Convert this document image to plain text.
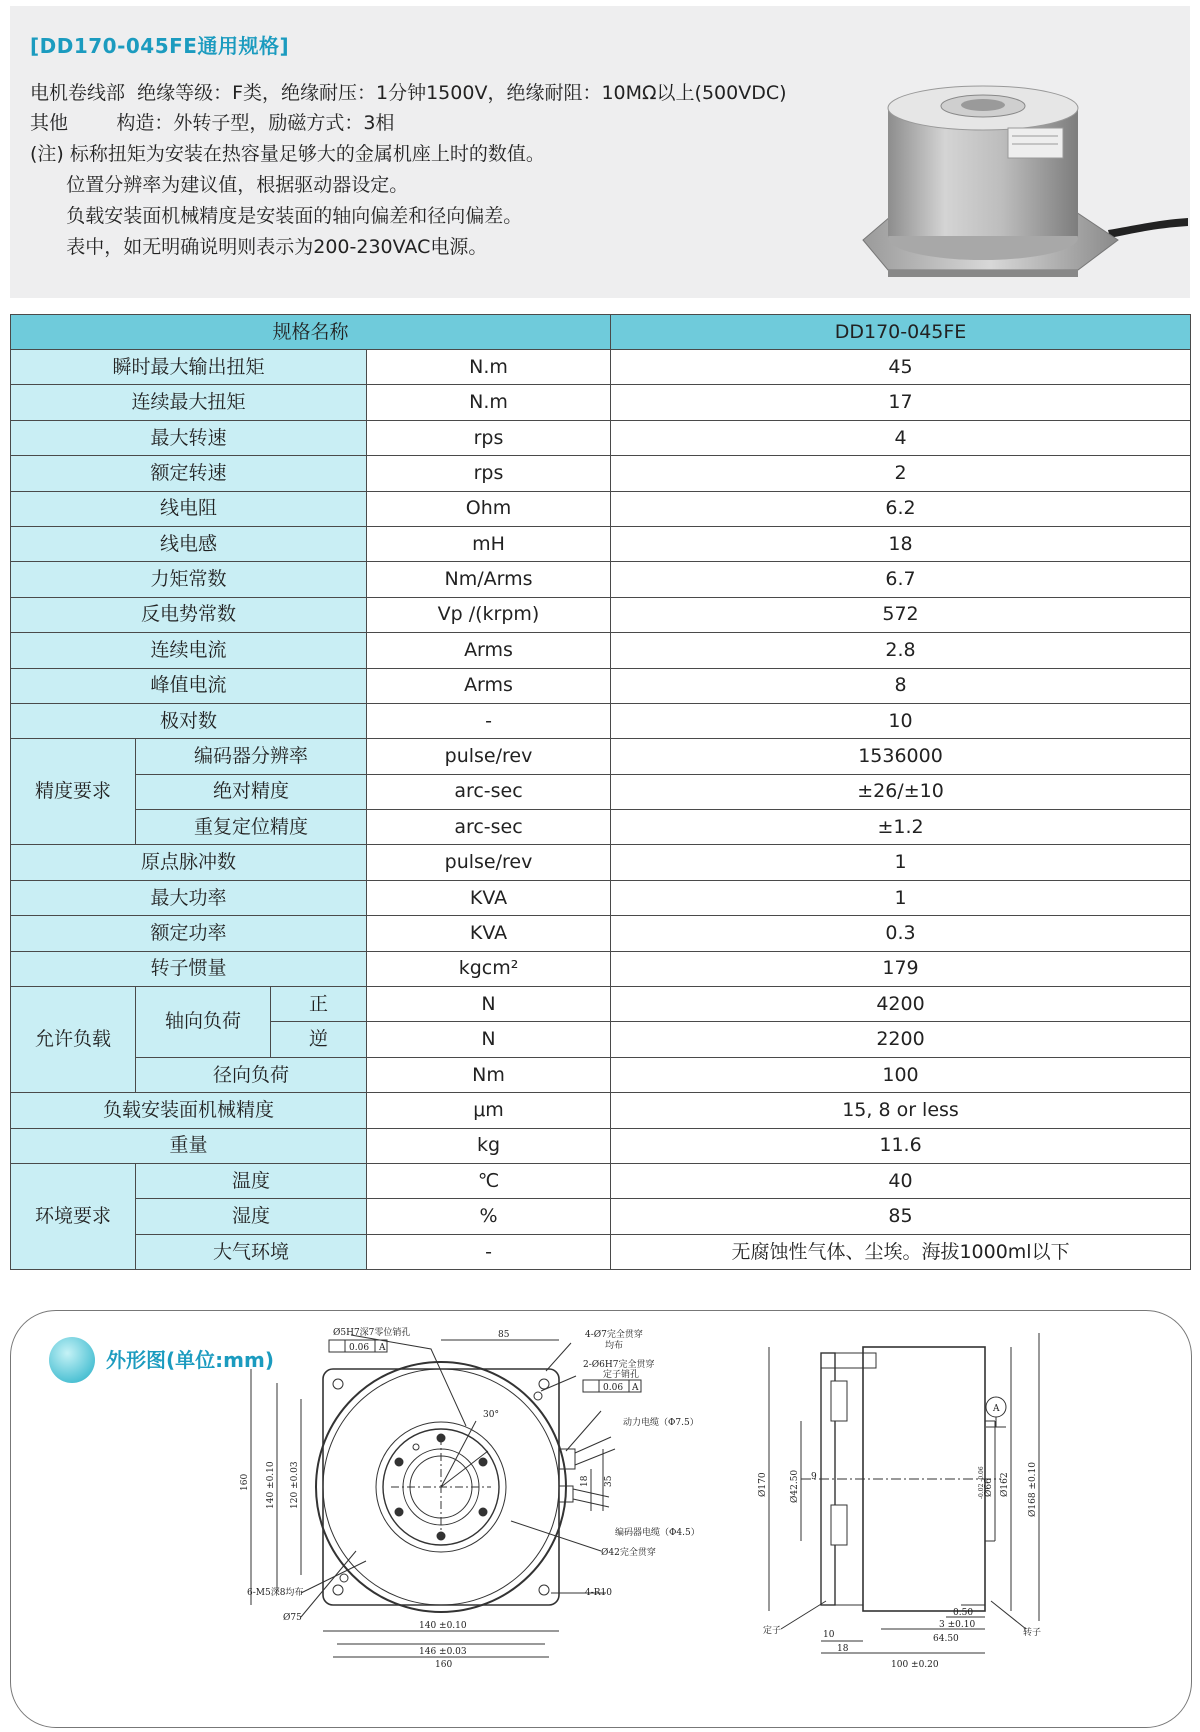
[DD170-045FE通用规格]
电机卷线部  绝缘等级：F类，绝缘耐压：1分钟1500V，绝缘耐阻：10MΩ以上(500VDC)
其他        构造：外转子型，励磁方式：3相
(注) 标称扭矩为安装在热容量足够大的金属机座上时的数值。
位置分辨率为建议值，根据驱动器设定。
负载安装面机械精度是安装面的轴向偏差和径向偏差。
表中，如无明确说明则表示为200-230VAC电源。
规格名称				DD170-045FE
瞬时最大输出扭矩			N.m	45
连续最大扭矩			N.m	17
最大转速			rps	4
额定转速			rps	2
线电阻			Ohm	6.2
线电感			mH	18
力矩常数			Nm/Arms	6.7
反电势常数			Vp /(krpm)	572
连续电流			Arms	2.8
峰值电流			Arms	8
极对数			-	10
精度要求	编码器分辨率		pulse/rev	1536000
	绝对精度		arc-sec	±26/±10
	重复定位精度		arc-sec	±1.2
原点脉冲数			pulse/rev	1
最大功率			KVA	1
额定功率			KVA	0.3
转子惯量			kgcm²	179
允许负载	轴向负荷	正	N	4200
		逆	N	2200
	径向负荷		Nm	100
负载安装面机械精度			μm	15, 8 or less
重量			kg	11.6
环境要求	温度		℃	40
	湿度		%	85
	大气环境		-	无腐蚀性气体、尘埃。海拔1000ml以下
外形图(单位:mm)
Ø5H7深7零位销孔
0.06 A
85	4-Ø7完全贯穿
均布
2-Ø6H7完全贯穿
定子销孔
0.06 A
30°
动力电缆（Φ7.5）
18 35
编码器电缆（Φ4.5）
Ø42完全贯穿
4-R10
6-M5深8均布
Ø75
160 140 ±0.10 120 ±0.03
140 ±0.10
146 ±0.03
160
Ø170 Ø42.50 9
Ø66
-0.02 -0.06 Ø162 Ø168 ±0.10
A
定子	转子
10
18
0.50
3 ±0.10
64.50
100 ±0.20
